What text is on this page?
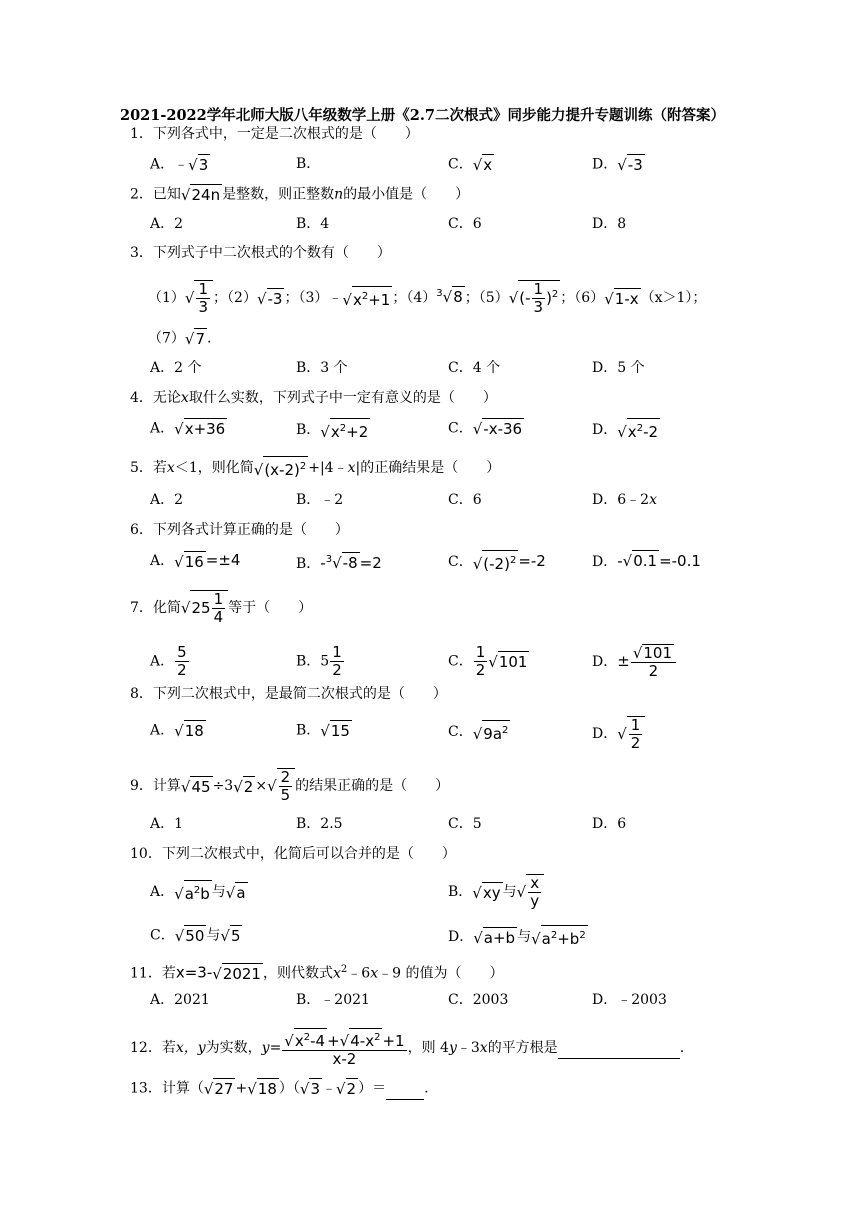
2021-2022学年北师大版八年级数学上册《2.7二次根式》同步能力提升专题训练（附答案）
1．下列各式中，一定是二次根式的是（　　）
A．﹣√3	B．	C．√x	D．√-3
2．已知√24n 是整数，则正整数n的最小值是（　　）
A．2	B．4	C．6	D．8
3．下列式子中二次根式的个数有（　　）
$(1)√ \frac{1}{3}$ ；（2）√-3 ；$(3)﹣√x^2+1$ ；$(4)^3√8$ ；$(5)√(- \frac{1}{3} )^2$ ；（6）√1-x （x＞1）；
（7）√7 .
A．2 个	B．3 个	C．4 个	D．5 个
4．无论x取什么实数，下列式子中一定有意义的是（　　）
A．√x+36	B．$√x^2+2$	C．√-x-36	D．$√x^2-2$
5．若x＜1，则化简$√(x-2)^2$ +|4﹣x|的正确结果是（　　）
A．2	B．﹣2	C．6	D．6﹣2x
6．下列各式计算正确的是（　　）
A．√16 =±4	B．-$^3$√-8 =2	C．$√(-2)^2 =-2$	D．-√0.1 =-0.1
7．化简$√25 \frac{1}{4}$ 等于（　　）
A． $\frac{5}{2}$	B．$5 \frac{1}{2}$	C． $\frac{1}{2} √101$	D．± $\frac{√101}{2}$
8．下列二次根式中，是最简二次根式的是（　　）
A．√18	B．√15	C．$√9a^2$	D．√ $\frac{1}{2}$
9．计算√45 ÷3√2 ×√ $\frac{2}{5}$ 的结果正确的是（　　）
A．1	B．2.5	C．5	D．6
10．下列二次根式中，化简后可以合并的是（　　）
A．$√a^2b$ 与√a	B．√xy 与√ $\frac{x}{y}$
C．√50 与√5	D．√a+b 与$√a^2+b^2$
11．若x=3-√2021 ，则代数式$x^2﹣6x﹣9$ 的值为（　　）
A．2021	B．﹣2021	C．2003	D．﹣2003
12．若x，y为实数，$y= \frac{√x^2-4 +√4-x^2 +1}{x-2}$ ，则 4y﹣3x的平方根是	.
13．计算（√27 +√18 ）（√3 ﹣√2 ）＝	.
